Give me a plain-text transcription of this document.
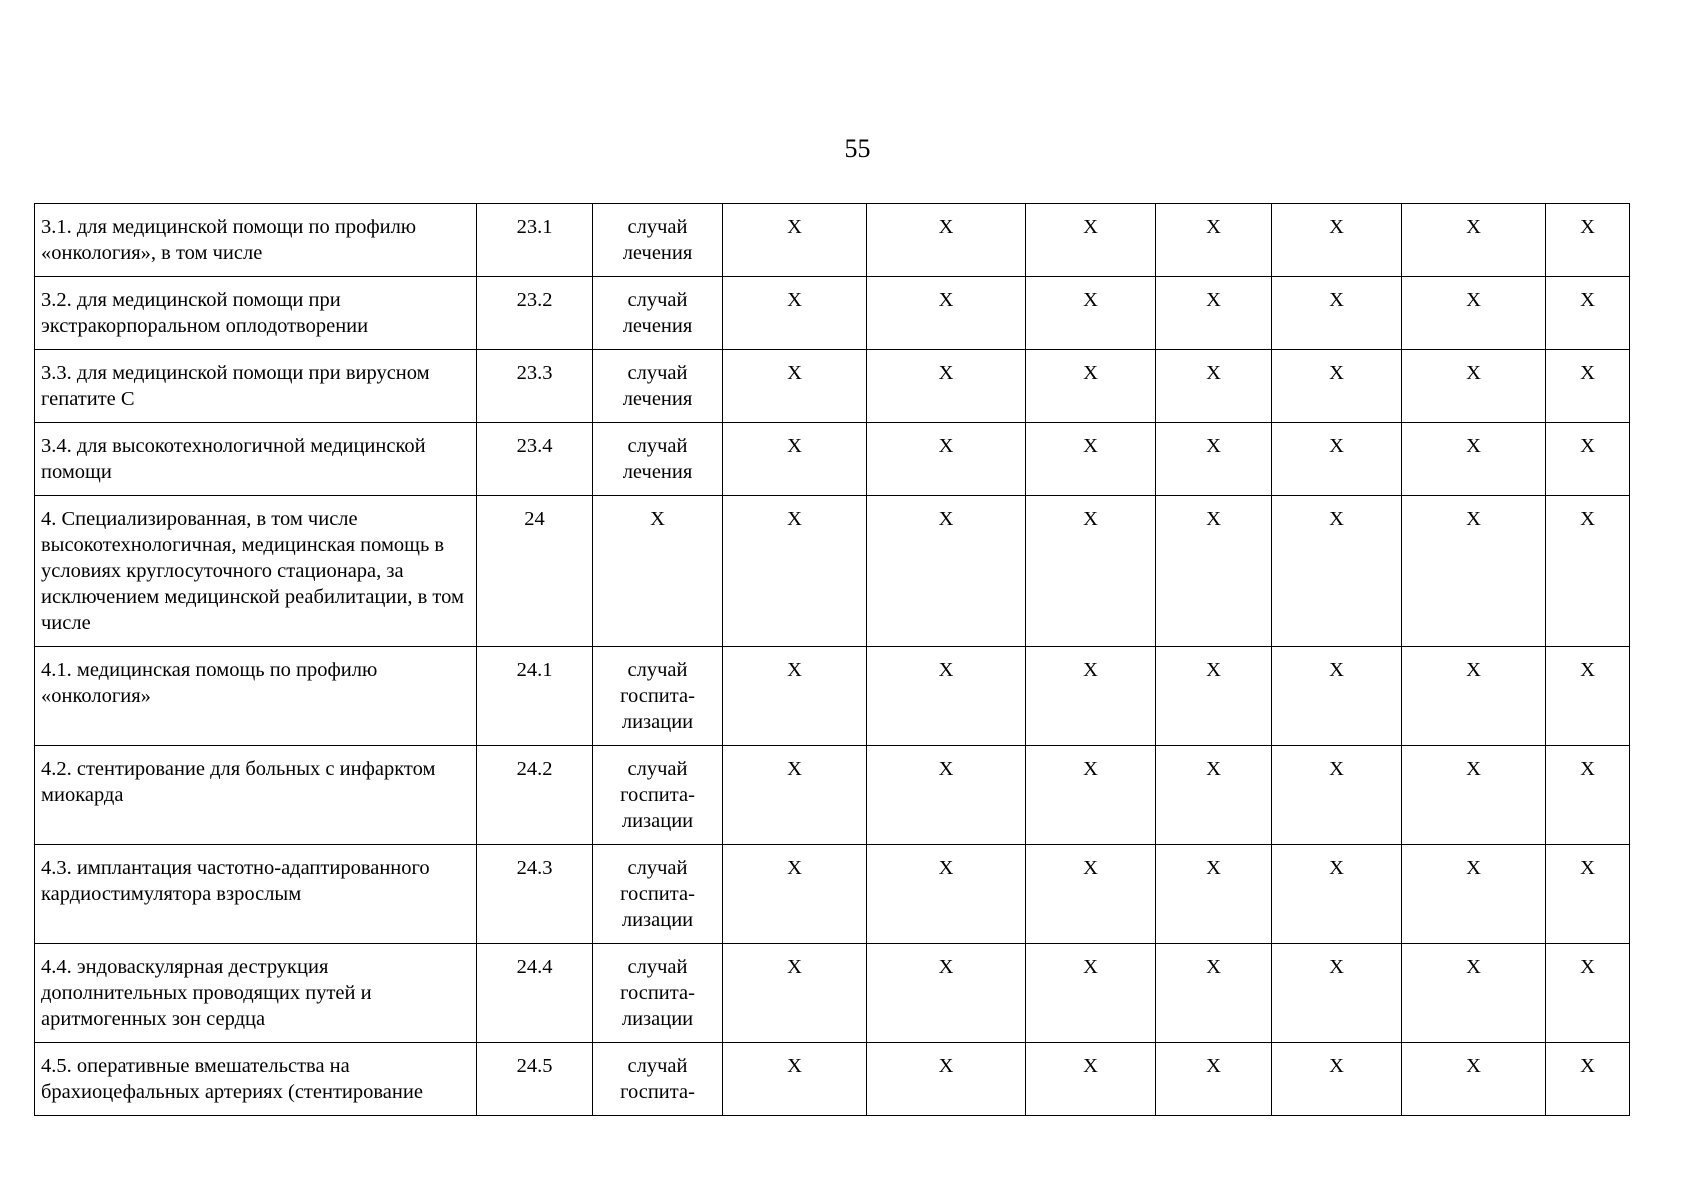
55
3.1. для медицинской помощи по профилю «онкология», в том числе	23.1	случай лечения	Х	Х	Х	Х	Х	Х	Х
3.2. для медицинской помощи при экстракорпоральном оплодотворении	23.2	случай лечения	Х	Х	Х	Х	Х	Х	Х
3.3. для медицинской помощи при вирусном гепатите С	23.3	случай лечения	Х	Х	Х	Х	Х	Х	Х
3.4. для высокотехнологичной медицинской помощи	23.4	случай лечения	Х	Х	Х	Х	Х	Х	Х
4. Специализированная, в том числе высокотехнологичная, медицинская помощь в условиях круглосуточного стационара, за исключением медицинской реабилитации, в том числе	24	Х	Х	Х	Х	Х	Х	Х	Х
4.1. медицинская помощь по профилю «онкология»	24.1	случай
госпита-
лизации	Х	Х	Х	Х	Х	Х	Х
4.2. стентирование для больных с инфарктом миокарда	24.2	случай
госпита-
лизации	Х	Х	Х	Х	Х	Х	Х
4.3. имплантация частотно-адаптированного кардиостимулятора взрослым	24.3	случай
госпита-
лизации	Х	Х	Х	Х	Х	Х	Х
4.4. эндоваскулярная деструкция дополнительных проводящих путей и аритмогенных зон сердца	24.4	случай
госпита-
лизации	Х	Х	Х	Х	Х	Х	Х
4.5. оперативные вмешательства на брахиоцефальных артериях (стентирование	24.5	случай
госпита-	Х	Х	Х	Х	Х	Х	Х
